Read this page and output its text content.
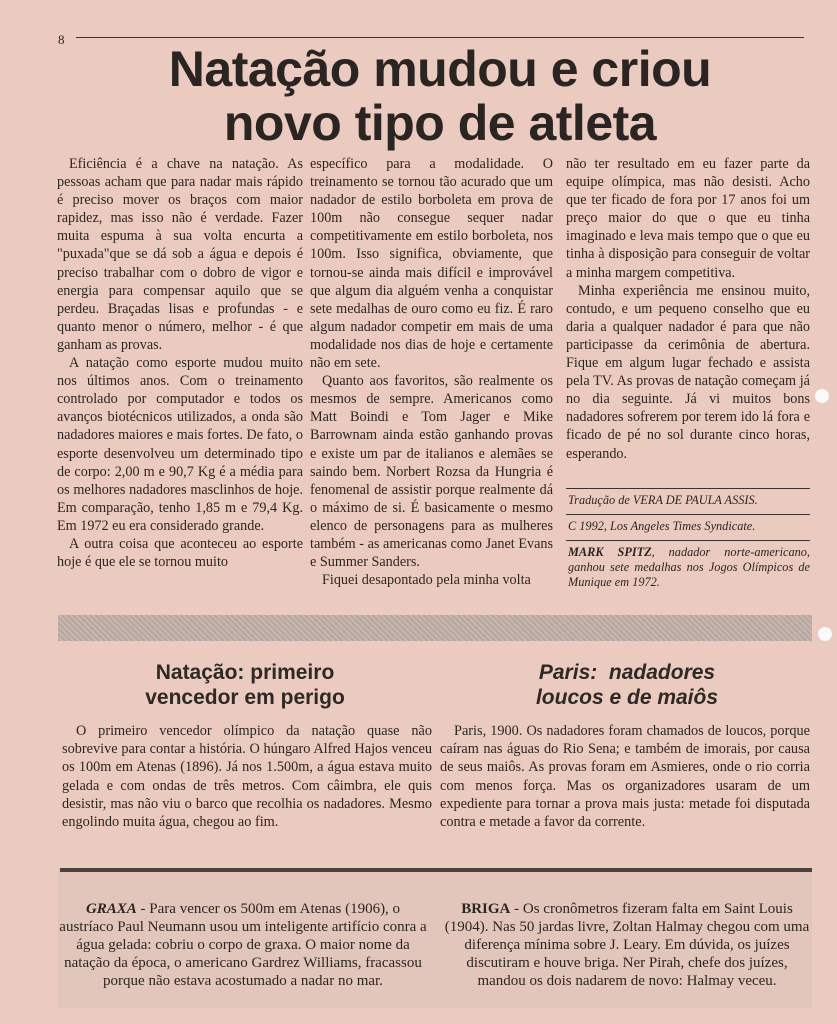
8
Natação mudou e criou
novo tipo de atleta

Eficiência é a chave na natação. As pessoas acham que para nadar mais rápido é preciso mover os braços com maior rapidez, mas isso não é verdade. Fazer muita espuma à sua volta encurta a "puxada"que se dá sob a água e depois é preciso trabalhar com o dobro de vigor e energia para compensar aquilo que se perdeu. Braçadas lisas e profundas - e quanto menor o número, melhor - é que ganham as provas.

A natação como esporte mudou muito nos últimos anos. Com o treinamento controlado por computador e todos os avanços biotécnicos utilizados, a onda são nadadores maiores e mais fortes. De fato, o esporte desenvolveu um determinado tipo de corpo: 2,00 m e 90,7 Kg é a média para os melhores nadadores masclinhos de hoje. Em comparação, tenho 1,85 m e 79,4 Kg. Em 1972 eu era considerado grande.

A outra coisa que aconteceu ao esporte hoje é que ele se tornou muito

específico para a modalidade. O treinamento se tornou tão acurado que um nadador de estilo borboleta em prova de 100m não consegue sequer nadar competitivamente em estilo borboleta, nos 100m. Isso significa, obviamente, que tornou-se ainda mais difícil e improvável que algum dia alguém venha a conquistar sete medalhas de ouro como eu fiz. É raro algum nadador competir em mais de uma modalidade nos dias de hoje e certamente não em sete.

Quanto aos favoritos, são realmente os mesmos de sempre. Americanos como Matt Boindi e Tom Jager e Mike Barrownam ainda estão ganhando provas e existe um par de italianos e alemães se saindo bem. Norbert Rozsa da Hungria é fenomenal de assistir porque realmente dá o máximo de si. É basicamente o mesmo elenco de personagens para as mulheres também - as americanas como Janet Evans e Summer Sanders.

Fiquei desapontado pela minha volta

não ter resultado em eu fazer parte da equipe olímpica, mas não desisti. Acho que ter ficado de fora por 17 anos foi um preço maior do que o que eu tinha imaginado e leva mais tempo que o que eu tinha à disposição para conseguir de voltar a minha margem competitiva.

Minha experiência me ensinou muito, contudo, e um pequeno conselho que eu daria a qualquer nadador é para que não participasse da cerimônia de abertura. Fique em algum lugar fechado e assista pela TV. As provas de natação começam já no dia seguinte. Já vi muitos bons nadadores sofrerem por terem ido lá fora e ficado de pé no sol durante cinco horas, esperando.

Tradução de VERA DE PAULA ASSIS.
C 1992, Los Angeles Times Syndicate.
MARK SPITZ, nadador norte-americano, ganhou sete medalhas nos Jogos Olímpicos de Munique em 1972.
Natação: primeiro
vencedor em perigo
Paris:  nadadores
loucos e de maiôs

O primeiro vencedor olímpico da natação quase não sobrevive para contar a história. O húngaro Alfred Hajos venceu os 100m em Atenas (1896). Já nos 1.500m, a água estava muito gelada e com ondas de três metros. Com câimbra, ele quis desistir, mas não viu o barco que recolhia os nadadores. Mesmo engolindo muita água, chegou ao fim.

Paris, 1900. Os nadadores foram chamados de loucos, porque caíram nas águas do Rio Sena; e também de imorais, por causa de seus maiôs. As provas foram em Asmieres, onde o rio corria com menos força. Mas os organizadores usaram de um expediente para tornar a prova mais justa: metade foi disputada contra e metade a favor da corrente.

GRAXA - Para vencer os 500m em Atenas (1906), o austríaco Paul Neumann usou um inteligente artifício conra a água gelada: cobriu o corpo de graxa. O maior nome da natação da época, o americano Gardrez Williams, fracassou porque não estava acostumado a nadar no mar.
BRIGA - Os cronômetros fizeram falta em Saint Louis (1904). Nas 50 jardas livre, Zoltan Halmay chegou com uma diferença mínima sobre J. Leary. Em dúvida, os juízes discutiram e houve briga. Ner Pirah, chefe dos juízes, mandou os dois nadarem de novo: Halmay veceu.
